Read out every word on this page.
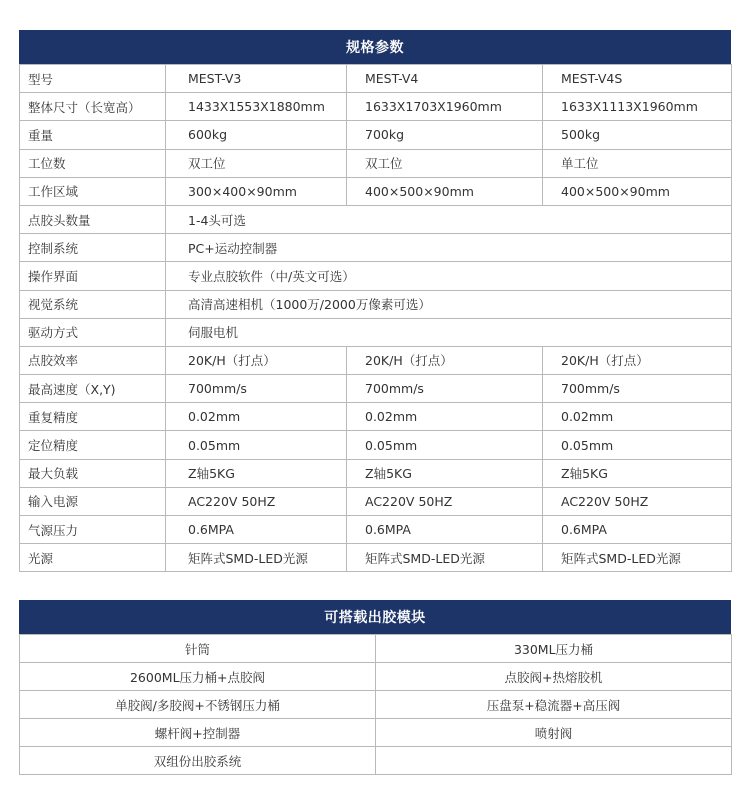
规格参数
型号	MEST-V3	MEST-V4	MEST-V4S
整体尺寸（长宽高）	1433X1553X1880mm	1633X1703X1960mm	1633X1113X1960mm
重量	600kg	700kg	500kg
工位数	双工位	双工位	单工位
工作区域	300×400×90mm	400×500×90mm	400×500×90mm
点胶头数量	1-4头可选		
控制系统	PC+运动控制器		
操作界面	专业点胶软件（中/英文可选）		
视觉系统	高清高速相机（1000万/2000万像素可选）		
驱动方式	伺服电机		
点胶效率	20K/H（打点）	20K/H（打点）	20K/H（打点）
最高速度（X,Y)	700mm/s	700mm/s	700mm/s
重复精度	0.02mm	0.02mm	0.02mm
定位精度	0.05mm	0.05mm	0.05mm
最大负载	Z轴5KG	Z轴5KG	Z轴5KG
输入电源	AC220V 50HZ	AC220V 50HZ	AC220V 50HZ
气源压力	0.6MPA	0.6MPA	0.6MPA
光源	矩阵式SMD-LED光源	矩阵式SMD-LED光源	矩阵式SMD-LED光源
可搭载出胶模块
针筒	330ML压力桶
2600ML压力桶+点胶阀	点胶阀+热熔胶机
单胶阀/多胶阀+不锈钢压力桶	压盘泵+稳流器+高压阀
螺杆阀+控制器	喷射阀
双组份出胶系统	
